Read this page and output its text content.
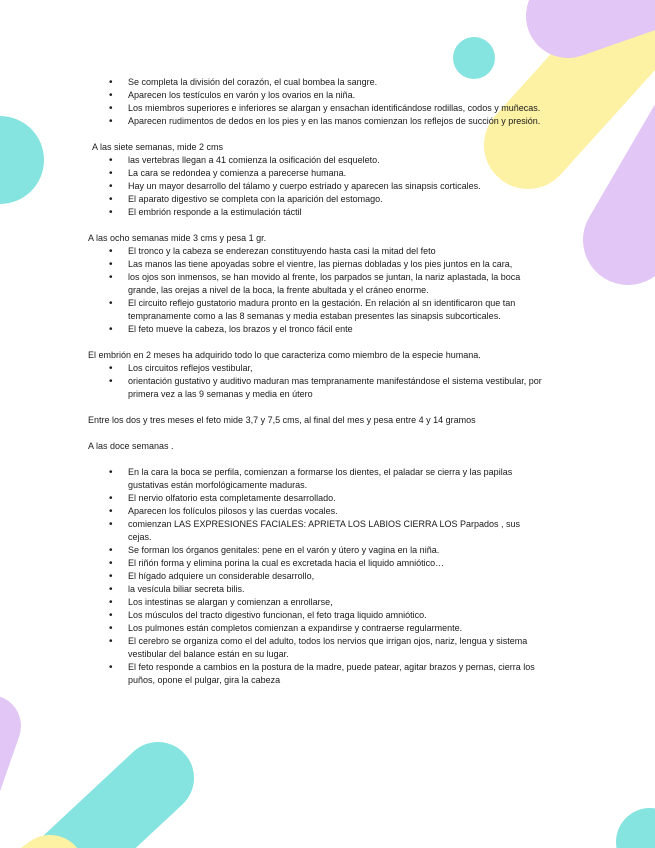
• Se completa la división del corazón, el cual bombea la sangre.
• Aparecen los testículos en varón y los ovarios en la niña.
• Los miembros superiores e inferiores se alargan y ensachan identificándose rodillas, codos y muñecas.
• Aparecen rudimentos de dedos en los pies y en las manos comienzan los reflejos de succión y presión.

A las siete semanas, mide 2 cms

• las vertebras llegan a 41 comienza la osificación del esqueleto.
• La cara se redondea y comienza a parecerse humana.
• Hay un mayor desarrollo del tálamo y cuerpo estriado y aparecen las sinapsis corticales.
• El aparato digestivo se completa con la aparición del estomago.
• El embrión responde a la estimulación táctil

A las ocho semanas mide 3 cms y pesa 1 gr.

• El tronco y la cabeza se enderezan constituyendo hasta casi la mitad del feto
• Las manos las tiene apoyadas sobre el vientre, las piernas dobladas y los pies juntos en la cara,
• los ojos son inmensos, se han movido al frente, los parpados se juntan, la nariz aplastada, la boca grande, las orejas a nivel de la boca, la frente abultada y el cráneo enorme.
• El circuito reflejo gustatorio madura pronto en la gestación. En relación al sn identificaron que tan tempranamente como a las 8 semanas y media estaban presentes las sinapsis subcorticales.
• El feto mueve la cabeza, los brazos y el tronco fácil ente

El embrión en 2 meses ha adquirido todo lo que caracteriza como miembro de la especie humana.

• Los circuitos reflejos vestibular,
• orientación gustativo y auditivo maduran mas tempranamente manifestándose el sistema vestibular, por primera vez a las 9 semanas y media en útero

Entre los dos y tres meses el feto mide 3,7 y 7,5 cms, al final del mes y pesa entre 4 y 14 gramos

A las doce semanas .

• En la cara la boca se perfila, comienzan a formarse los dientes, el paladar se cierra y las papilas gustativas están morfológicamente maduras.
• El nervio olfatorio esta completamente desarrollado.
• Aparecen los folículos pilosos y las cuerdas vocales.
• comienzan LAS EXPRESIONES FACIALES: APRIETA LOS LABIOS CIERRA LOS Parpados , sus cejas.
• Se forman los órganos genitales: pene en el varón y útero y vagina en la niña.
• El riñón forma y elimina porina la cual es excretada hacia el liquido amniótico…
• El hígado adquiere un considerable desarrollo,
• la vesícula biliar secreta bilis.
• Los intestinas se alargan y comienzan a enrollarse,
• Los músculos del tracto digestivo funcionan, el feto traga liquido amniótico.
• Los pulmones están completos comienzan a expandirse y contraerse regularmente.
• El cerebro se organiza como el del adulto, todos los nervios que irrigan ojos, nariz, lengua y sistema vestibular del balance están en su lugar.
• El feto responde a cambios en la postura de la madre, puede patear, agitar brazos y pernas, cierra los puños, opone el pulgar, gira la cabeza
